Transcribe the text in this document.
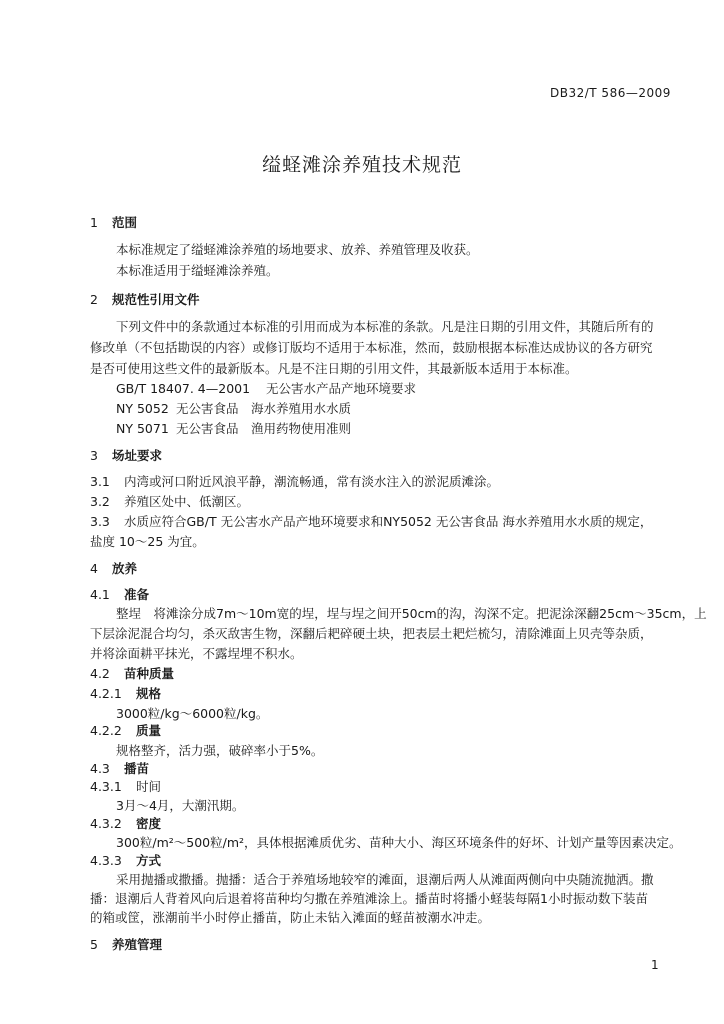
DB32/T 586—2009
缢蛏滩涂养殖技术规范
1 范围
本标准规定了缢蛏滩涂养殖的场地要求、放养、养殖管理及收获。
本标准适用于缢蛏滩涂养殖。
2 规范性引用文件
下列文件中的条款通过本标准的引用而成为本标准的条款。凡是注日期的引用文件，其随后所有的
修改单（不包括勘误的内容）或修订版均不适用于本标准，然而，鼓励根据本标准达成协议的各方研究
是否可使用这些文件的最新版本。凡是不注日期的引用文件，其最新版本适用于本标准。
GB/T 18407. 4—2001 无公害水产品产地环境要求
NY 5052 无公害食品　海水养殖用水水质
NY 5071 无公害食品　渔用药物使用准则
3 场址要求
3.1 内湾或河口附近风浪平静，潮流畅通，常有淡水注入的淤泥质滩涂。
3.2 养殖区处中、低潮区。
3.3 水质应符合GB/T 无公害水产品产地环境要求和NY5052 无公害食品 海水养殖用水水质的规定，
盐度 10～25 为宜。
4 放养
4.1 准备
整埕　将滩涂分成7m～10m宽的埕，埕与埕之间开50cm的沟，沟深不定。把泥涂深翻25cm～35cm，上
下层涂泥混合均匀，杀灭敌害生物，深翻后耙碎硬土块，把表层土耙烂梳匀，清除滩面上贝壳等杂质，
并将涂面耕平抹光，不露埕埋不积水。
4.2 苗种质量
4.2.1 规格
3000粒/kg～6000粒/kg。
4.2.2 质量
规格整齐，活力强，破碎率小于5%。
4.3 播苗
4.3.1 时间
3月～4月，大潮汛期。
4.3.2 密度
300粒/m²～500粒/m²，具体根据滩质优劣、苗种大小、海区环境条件的好坏、计划产量等因素决定。
4.3.3 方式
采用抛播或撒播。抛播：适合于养殖场地较窄的滩面，退潮后两人从滩面两侧向中央随流抛洒。撒
播：退潮后人背着风向后退着将苗种均匀撒在养殖滩涂上。播苗时将播小蛏装每隔1小时振动数下装苗
的箱或筐，涨潮前半小时停止播苗，防止未钻入滩面的蛏苗被潮水冲走。
5 养殖管理
1
